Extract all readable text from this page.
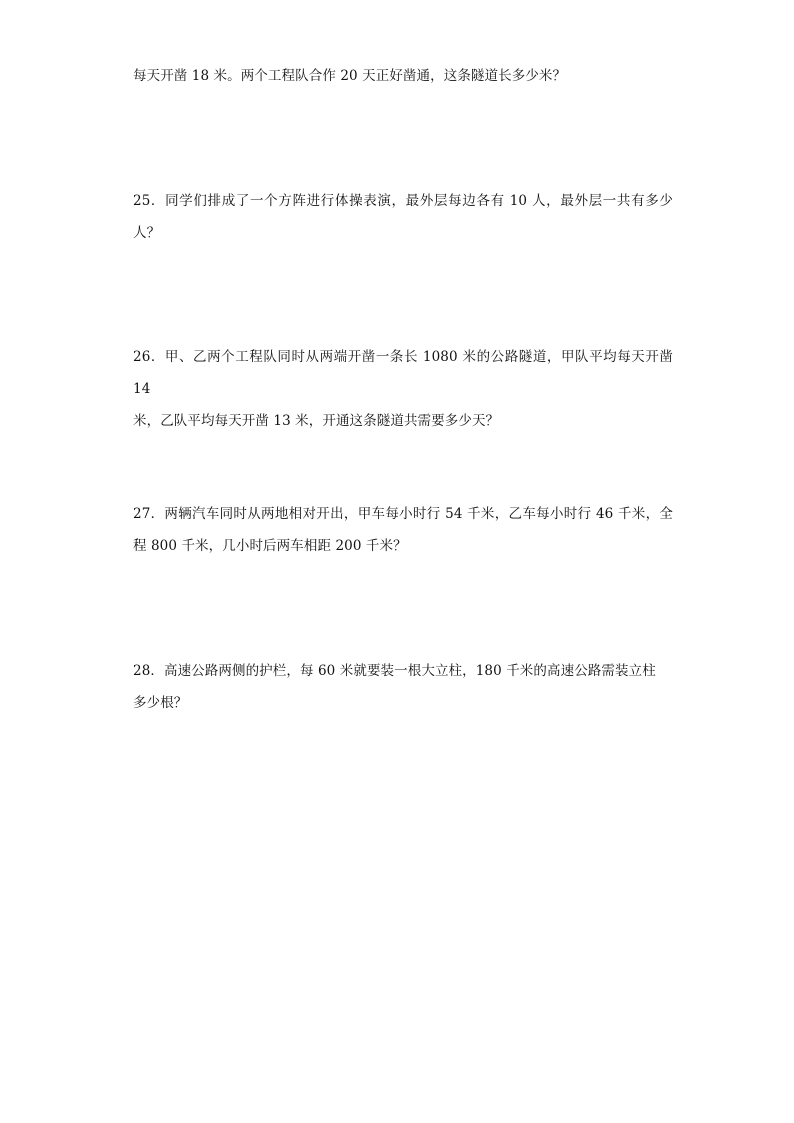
每天开凿 18 米。两个工程队合作 20 天正好凿通，这条隧道长多少米？
25．同学们排成了一个方阵进行体操表演，最外层每边各有 10 人，最外层一共有多少
人？
26．甲、乙两个工程队同时从两端开凿一条长 1080 米的公路隧道，甲队平均每天开凿 14
米，乙队平均每天开凿 13 米，开通这条隧道共需要多少天？
27．两辆汽车同时从两地相对开出，甲车每小时行 54 千米，乙车每小时行 46 千米，全
程 800 千米，几小时后两车相距 200 千米？
28．高速公路两侧的护栏，每 60 米就要装一根大立柱，180 千米的高速公路需装立柱
多少根？
